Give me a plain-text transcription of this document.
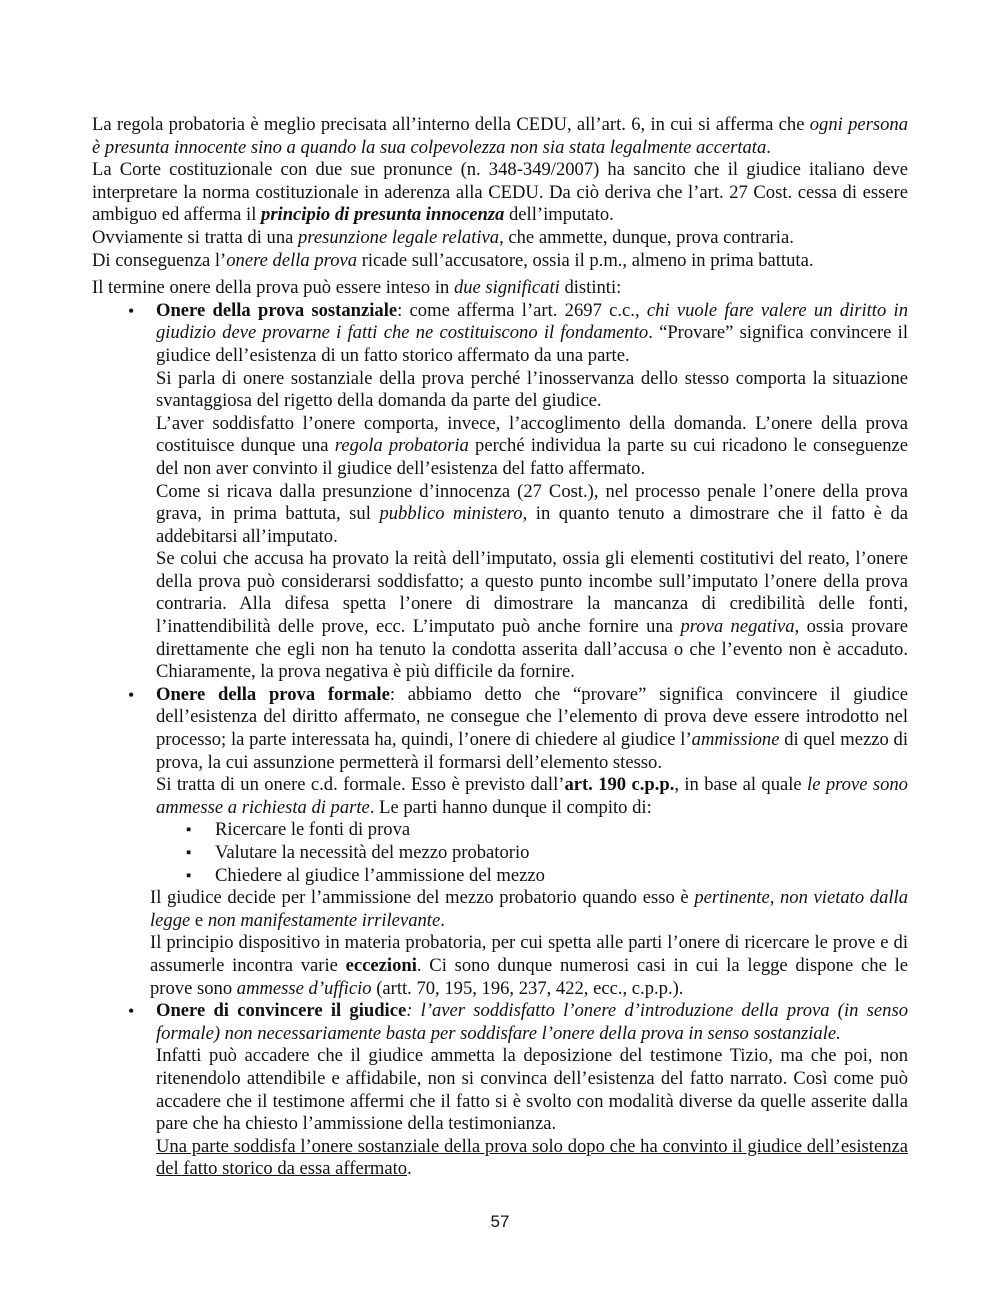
La regola probatoria è meglio precisata all’interno della CEDU, all’art. 6, in cui si afferma che ogni persona è presunta innocente sino a quando la sua colpevolezza non sia stata legalmente accertata.

La Corte costituzionale con due sue pronunce (n. 348-349/2007) ha sancito che il giudice italiano deve interpretare la norma costituzionale in aderenza alla CEDU. Da ciò deriva che l’art. 27 Cost. cessa di essere ambiguo ed afferma il principio di presunta innocenza dell’imputato.

Ovviamente si tratta di una presunzione legale relativa, che ammette, dunque, prova contraria.

Di conseguenza l’onere della prova ricade sull’accusatore, ossia il p.m., almeno in prima battuta.

Il termine onere della prova può essere inteso in due significati distinti:

• Onere della prova sostanziale: come afferma l’art. 2697 c.c., chi vuole fare valere un diritto in giudizio deve provarne i fatti che ne costituiscono il fondamento. “Provare” significa convincere il giudice dell’esistenza di un fatto storico affermato da una parte.

Si parla di onere sostanziale della prova perché l’inosservanza dello stesso comporta la situazione svantaggiosa del rigetto della domanda da parte del giudice.

L’aver soddisfatto l’onere comporta, invece, l’accoglimento della domanda. L’onere della prova costituisce dunque una regola probatoria perché individua la parte su cui ricadono le conseguenze del non aver convinto il giudice dell’esistenza del fatto affermato.

Come si ricava dalla presunzione d’innocenza (27 Cost.), nel processo penale l’onere della prova grava, in prima battuta, sul pubblico ministero, in quanto tenuto a dimostrare che il fatto è da addebitarsi all’imputato.

Se colui che accusa ha provato la reità dell’imputato, ossia gli elementi costitutivi del reato, l’onere della prova può considerarsi soddisfatto; a questo punto incombe sull’imputato l’onere della prova contraria. Alla difesa spetta l’onere di dimostrare la mancanza di credibilità delle fonti, l’inattendibilità delle prove, ecc. L’imputato può anche fornire una prova negativa, ossia provare direttamente che egli non ha tenuto la condotta asserita dall’accusa o che l’evento non è accaduto. Chiaramente, la prova negativa è più difficile da fornire.

• Onere della prova formale: abbiamo detto che “provare” significa convincere il giudice dell’esistenza del diritto affermato, ne consegue che l’elemento di prova deve essere introdotto nel processo; la parte interessata ha, quindi, l’onere di chiedere al giudice l’ammissione di quel mezzo di prova, la cui assunzione permetterà il formarsi dell’elemento stesso.

Si tratta di un onere c.d. formale. Esso è previsto dall’art. 190 c.p.p., in base al quale le prove sono ammesse a richiesta di parte. Le parti hanno dunque il compito di:

▪ Ricercare le fonti di prova
▪ Valutare la necessità del mezzo probatorio
▪ Chiedere al giudice l’ammissione del mezzo

Il giudice decide per l’ammissione del mezzo probatorio quando esso è pertinente, non vietato dalla legge e non manifestamente irrilevante.

Il principio dispositivo in materia probatoria, per cui spetta alle parti l’onere di ricercare le prove e di assumerle incontra varie eccezioni. Ci sono dunque numerosi casi in cui la legge dispone che le prove sono ammesse d’ufficio (artt. 70, 195, 196, 237, 422, ecc., c.p.p.).

• Onere di convincere il giudice: l’aver soddisfatto l’onere d’introduzione della prova (in senso formale) non necessariamente basta per soddisfare l’onere della prova in senso sostanziale.

Infatti può accadere che il giudice ammetta la deposizione del testimone Tizio, ma che poi, non ritenendolo attendibile e affidabile, non si convinca dell’esistenza del fatto narrato. Così come può accadere che il testimone affermi che il fatto si è svolto con modalità diverse da quelle asserite dalla pare che ha chiesto l’ammissione della testimonianza.

Una parte soddisfa l’onere sostanziale della prova solo dopo che ha convinto il giudice dell’esistenza del fatto storico da essa affermato.

57
